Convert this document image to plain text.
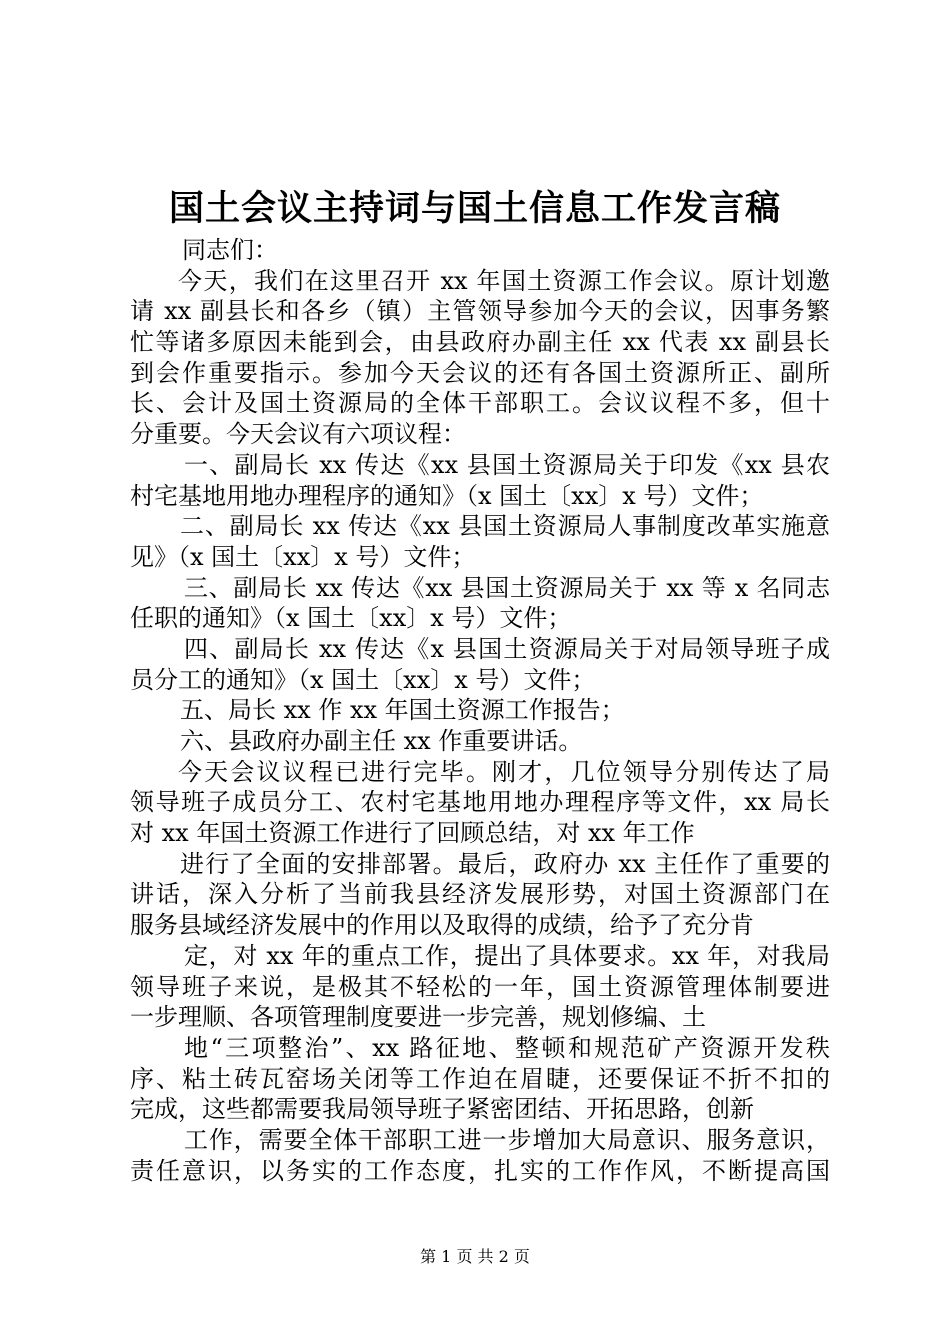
国土会议主持词与国土信息工作发言稿
同志们：
今天，我们在这里召开 xx 年国土资源工作会议。原计划邀
请 xx 副县长和各乡（镇）主管领导参加今天的会议，因事务繁
忙等诸多原因未能到会，由县政府办副主任 xx 代表 xx 副县长
到会作重要指示。参加今天会议的还有各国土资源所正、副所
长、会计及国土资源局的全体干部职工。会议议程不多，但十
分重要。今天会议有六项议程：
一、副局长 xx 传达《xx 县国土资源局关于印发《xx 县农
村宅基地用地办理程序的通知》（x 国土〔xx〕x 号）文件；
二、副局长 xx 传达《xx 县国土资源局人事制度改革实施意
见》（x 国土〔xx〕x 号）文件；
三、副局长 xx 传达《xx 县国土资源局关于 xx 等 x 名同志
任职的通知》（x 国土〔xx〕x 号）文件；
四、副局长 xx 传达《x 县国土资源局关于对局领导班子成
员分工的通知》（x 国土〔xx〕x 号）文件；
五、局长 xx 作 xx 年国土资源工作报告；
六、县政府办副主任 xx 作重要讲话。
今天会议议程已进行完毕。刚才，几位领导分别传达了局
领导班子成员分工、农村宅基地用地办理程序等文件，xx 局长
对 xx 年国土资源工作进行了回顾总结，对 xx 年工作
进行了全面的安排部署。最后，政府办 xx 主任作了重要的
讲话，深入分析了当前我县经济发展形势，对国土资源部门在
服务县域经济发展中的作用以及取得的成绩，给予了充分肯
定，对 xx 年的重点工作，提出了具体要求。xx 年，对我局
领导班子来说，是极其不轻松的一年，国土资源管理体制要进
一步理顺、各项管理制度要进一步完善，规划修编、土
地“三项整治”、xx 路征地、整顿和规范矿产资源开发秩
序、粘土砖瓦窑场关闭等工作迫在眉睫，还要保证不折不扣的
完成，这些都需要我局领导班子紧密团结、开拓思路，创新
工作，需要全体干部职工进一步增加大局意识、服务意识，
责任意识，以务实的工作态度，扎实的工作作风，不断提高国
第 1 页 共 2 页
